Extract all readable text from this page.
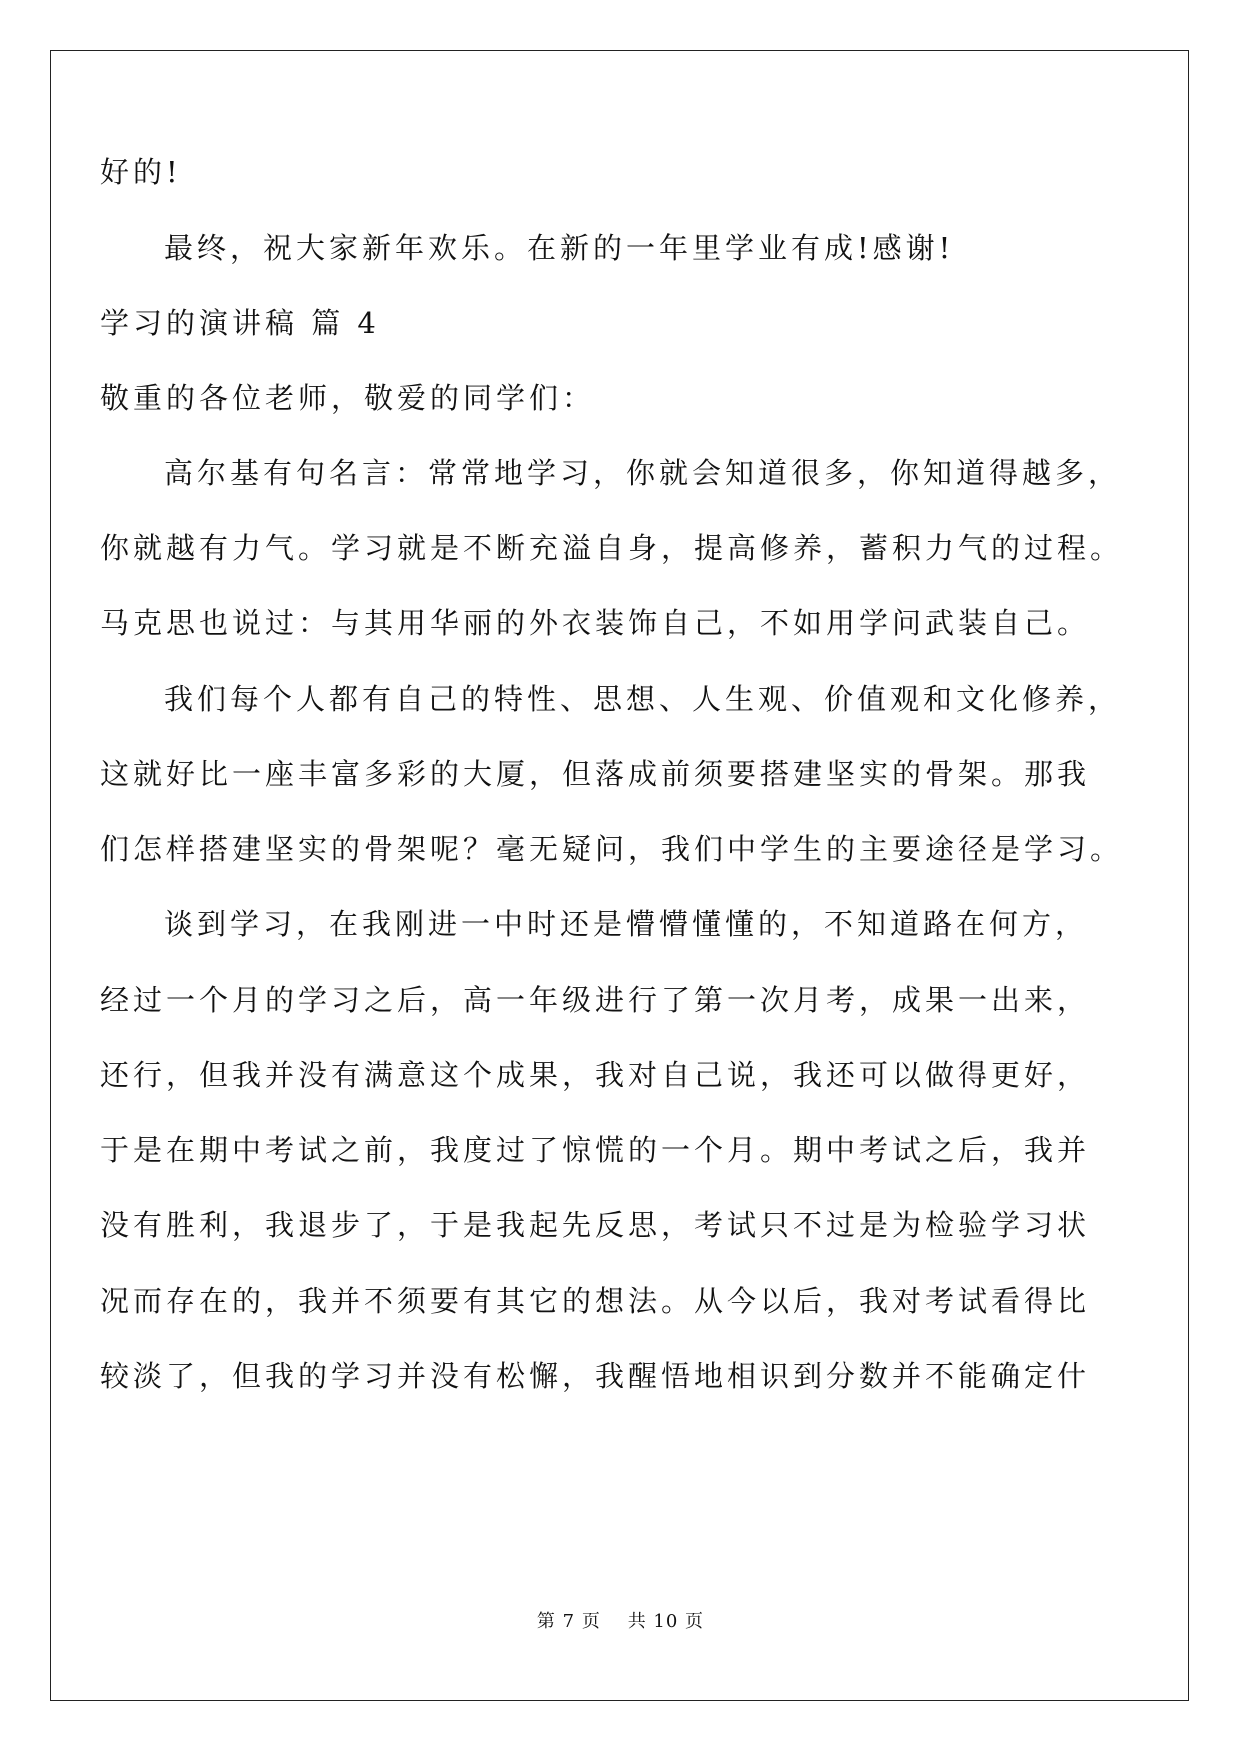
好的!
最终，祝大家新年欢乐。在新的一年里学业有成!感谢!
学习的演讲稿 篇 4
敬重的各位老师，敬爱的同学们：
高尔基有句名言：常常地学习，你就会知道很多，你知道得越多，
你就越有力气。学习就是不断充溢自身，提高修养，蓄积力气的过程。
马克思也说过：与其用华丽的外衣装饰自己，不如用学问武装自己。
我们每个人都有自己的特性、思想、人生观、价值观和文化修养，
这就好比一座丰富多彩的大厦，但落成前须要搭建坚实的骨架。那我
们怎样搭建坚实的骨架呢？毫无疑问，我们中学生的主要途径是学习。
谈到学习，在我刚进一中时还是懵懵懂懂的，不知道路在何方，
经过一个月的学习之后，高一年级进行了第一次月考，成果一出来，
还行，但我并没有满意这个成果，我对自己说，我还可以做得更好，
于是在期中考试之前，我度过了惊慌的一个月。期中考试之后，我并
没有胜利，我退步了，于是我起先反思，考试只不过是为检验学习状
况而存在的，我并不须要有其它的想法。从今以后，我对考试看得比
较淡了，但我的学习并没有松懈，我醒悟地相识到分数并不能确定什
第 7 页    共 10 页
